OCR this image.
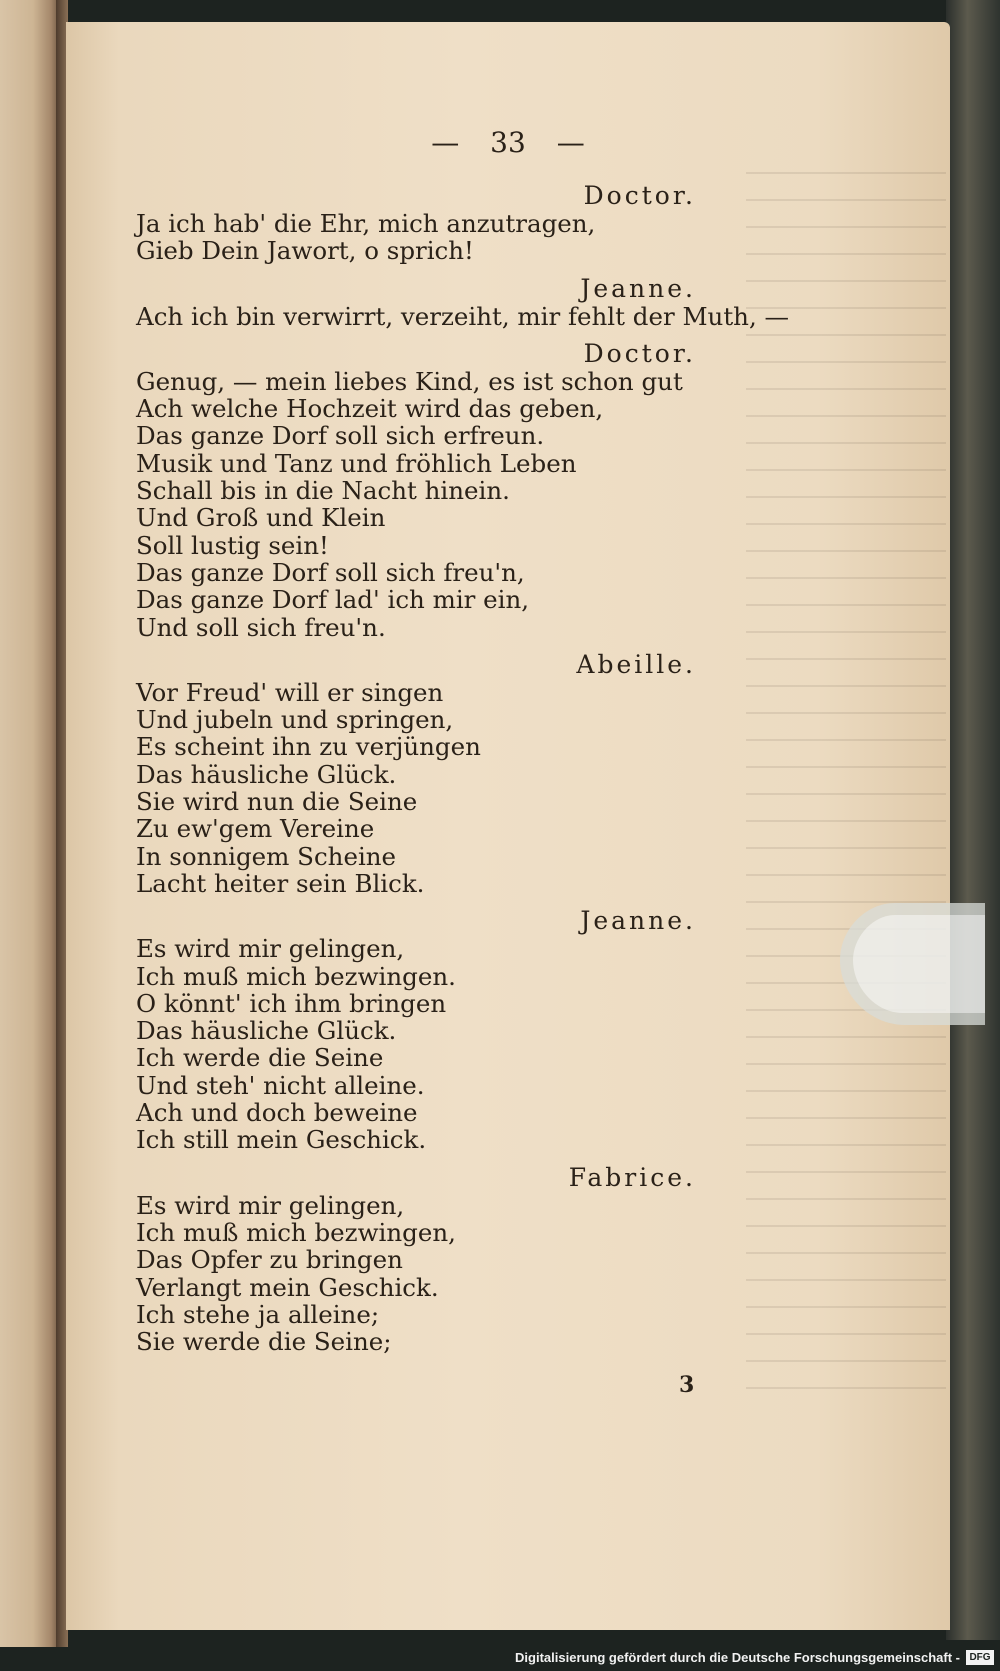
— 33 —
Doctor.
Ja ich hab' die Ehr, mich anzutragen,
Gieb Dein Jawort, o sprich!
Jeanne.
Ach ich bin verwirrt, verzeiht, mir fehlt der Muth, —
Doctor.
Genug, — mein liebes Kind, es ist schon gut
Ach welche Hochzeit wird das geben,
Das ganze Dorf soll sich erfreun.
Musik und Tanz und fröhlich Leben
Schall bis in die Nacht hinein.
Und Groß und Klein
Soll lustig sein!
Das ganze Dorf soll sich freu'n,
Das ganze Dorf lad' ich mir ein,
Und soll sich freu'n.
Abeille.
Vor Freud' will er singen
Und jubeln und springen,
Es scheint ihn zu verjüngen
Das häusliche Glück.
Sie wird nun die Seine
Zu ew'gem Vereine
In sonnigem Scheine
Lacht heiter sein Blick.
Jeanne.
Es wird mir gelingen,
Ich muß mich bezwingen.
O könnt' ich ihm bringen
Das häusliche Glück.
Ich werde die Seine
Und steh' nicht alleine.
Ach und doch beweine
Ich still mein Geschick.
Fabrice.
Es wird mir gelingen,
Ich muß mich bezwingen,
Das Opfer zu bringen
Verlangt mein Geschick.
Ich stehe ja alleine;
Sie werde die Seine;
3
Digitalisierung gefördert durch die Deutsche Forschungsgemeinschaft - DFG
